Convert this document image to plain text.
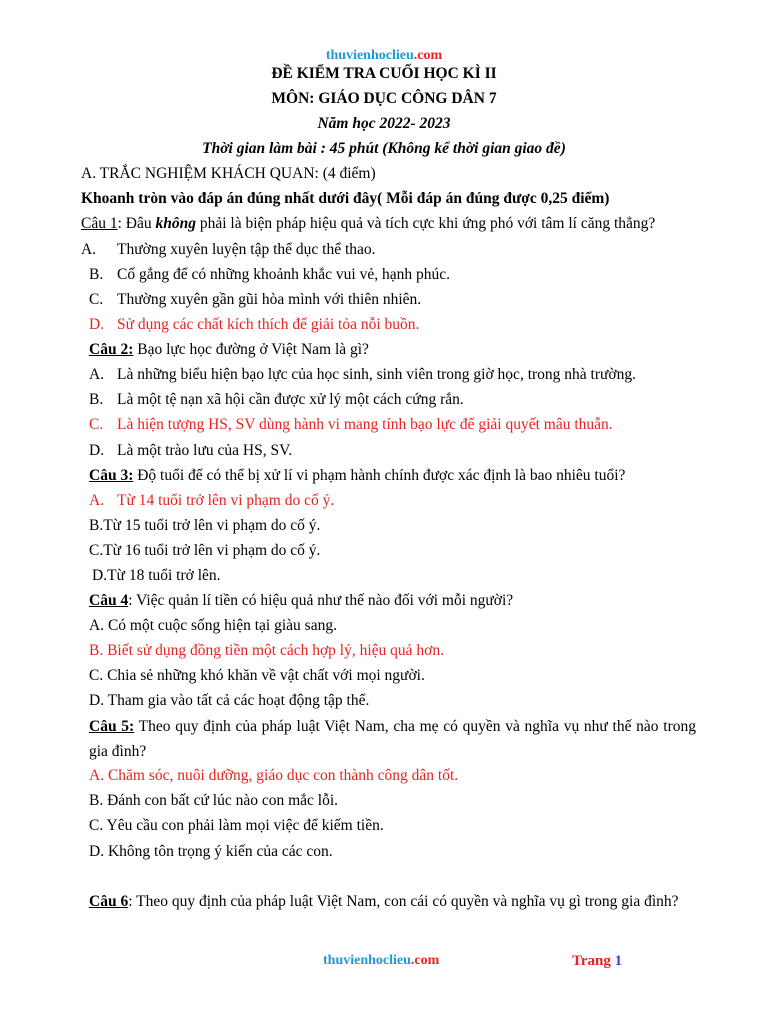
thuvienhoclieu.com
ĐỀ KIỂM TRA CUỐI HỌC KÌ II
MÔN: GIÁO DỤC CÔNG DÂN 7
Năm học 2022- 2023
Thời gian làm bài : 45 phút (Không kể thời gian giao đề)
A. TRẮC NGHIỆM KHÁCH QUAN: (4 điểm)
Khoanh tròn vào đáp án đúng nhất dưới đây( Mỗi đáp án đúng được 0,25 điểm)
Câu 1: Đâu không phải là biện pháp hiệu quả và tích cực khi ứng phó với tâm lí căng thẳng?
A. Thường xuyên luyện tập thể dục thể thao.
B. Cố gắng để có những khoảnh khắc vui vẻ, hạnh phúc.
C. Thường xuyên gần gũi hòa mình với thiên nhiên.
D. Sử dụng các chất kích thích để giải tỏa nỗi buồn.
Câu 2: Bạo lực học đường ở Việt Nam là gì?
A. Là những biểu hiện bạo lực của học sinh, sinh viên trong giờ học, trong nhà trường.
B. Là một tệ nạn xã hội cần được xử lý một cách cứng rắn.
C. Là hiện tượng HS, SV dùng hành vi mang tính bạo lực để giải quyết mâu thuẫn.
D. Là một trào lưu của HS, SV.
Câu 3: Độ tuổi để có thể bị xử lí vi phạm hành chính được xác định là bao nhiêu tuổi?
A. Từ 14 tuổi trở lên vi phạm do cố ý.
B.Từ 15 tuổi trở lên vi phạm do cố ý.
C.Từ 16 tuổi trở lên vi phạm do cố ý.
D.Từ 18 tuổi trở lên.
Câu 4: Việc quản lí tiền có hiệu quả như thế nào đối với mỗi người?
A. Có một cuộc sống hiện tại giàu sang.
B. Biết sử dụng đồng tiền một cách hợp lý, hiệu quả hơn.
C. Chia sẻ những khó khăn về vật chất với mọi người.
D. Tham gia vào tất cả các hoạt động tập thể.
Câu 5: Theo quy định của pháp luật Việt Nam, cha mẹ có quyền và nghĩa vụ như thế nào trong gia đình?
A. Chăm sóc, nuôi dưỡng, giáo dục con thành công dân tốt.
B. Đánh con bất cứ lúc nào con mắc lỗi.
C. Yêu cầu con phải làm mọi việc để kiếm tiền.
D. Không tôn trọng ý kiến của các con.
Câu 6: Theo quy định của pháp luật Việt Nam, con cái có quyền và nghĩa vụ gì trong gia đình?
thuvienhoclieu.com	Trang 1
